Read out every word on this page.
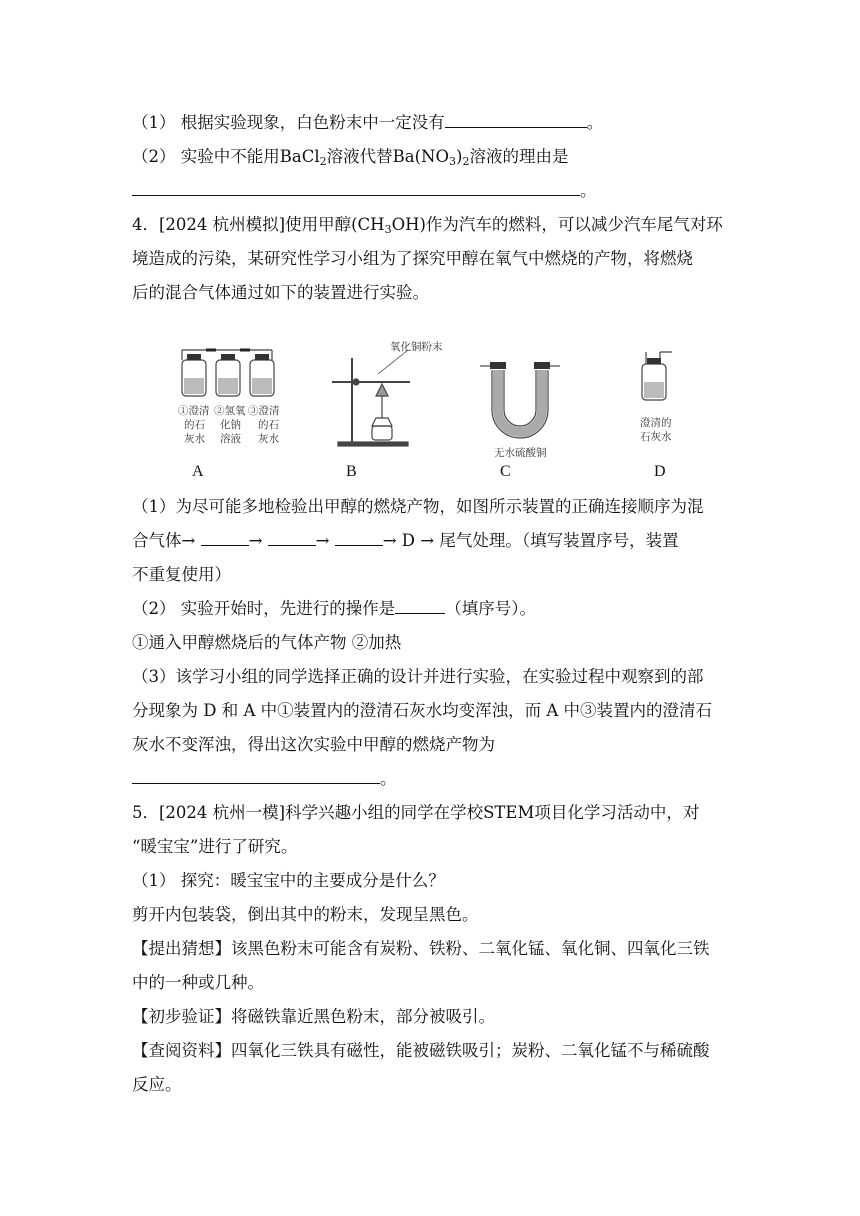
（1） 根据实验现象，白色粉末中一定没有	。
（2） 实验中不能用BaCl$_2$溶液代替$Ba(NO_3)_2$溶液的理由是
。
4．[2024 杭州模拟]使用甲醇$(CH_3OH)$作为汽车的燃料，可以减少汽车尾气对环
境造成的污染，某研究性学习小组为了探究甲醇在氧气中燃烧的产物，将燃烧
后的混合气体通过如下的装置进行实验。
①澄清
的石
灰水
②氢氧
化钠
溶液
③澄清
的石
灰水
氧化铜粉末
无水硫酸铜
澄清的
石灰水
A	B	C	D
（1）为尽可能多地检验出甲醇的燃烧产物，如图所示装置的正确连接顺序为混
合气体→	→	→	→ D → 尾气处理。（填写装置序号，装置
不重复使用）
（2） 实验开始时，先进行的操作是	（填序号）。
①通入甲醇燃烧后的气体产物 ②加热
（3）该学习小组的同学选择正确的设计并进行实验，在实验过程中观察到的部
分现象为 D 和 A 中①装置内的澄清石灰水均变浑浊，而 A 中③装置内的澄清石
灰水不变浑浊，得出这次实验中甲醇的燃烧产物为
。
5．[2024 杭州一模]科学兴趣小组的同学在学校STEM项目化学习活动中，对
“暖宝宝”进行了研究。
（1） 探究：暖宝宝中的主要成分是什么？
剪开内包装袋，倒出其中的粉末，发现呈黑色。
【提出猜想】该黑色粉末可能含有炭粉、铁粉、二氧化锰、氧化铜、四氧化三铁
中的一种或几种。
【初步验证】将磁铁靠近黑色粉末，部分被吸引。
【查阅资料】四氧化三铁具有磁性，能被磁铁吸引；炭粉、二氧化锰不与稀硫酸
反应。
